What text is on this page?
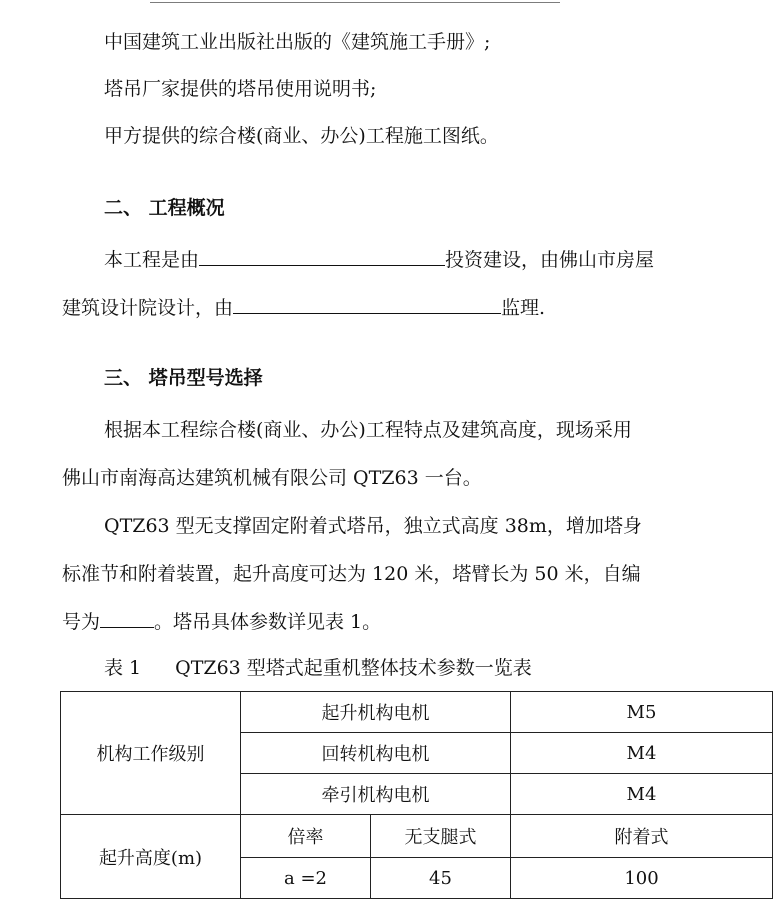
中国建筑工业出版社出版的《建筑施工手册》;
塔吊厂家提供的塔吊使用说明书;
甲方提供的综合楼(商业、办公)工程施工图纸。
二、 工程概况
本工程是由	投资建设，由佛山市房屋
建筑设计院设计，由	监理.
三、 塔吊型号选择
根据本工程综合楼(商业、办公)工程特点及建筑高度，现场采用
佛山市南海高达建筑机械有限公司 QTZ63 一台。
QTZ63 型无支撑固定附着式塔吊，独立式高度 38m，增加塔身
标准节和附着装置，起升高度可达为 120 米，塔臂长为 50 米，自编
号为	。塔吊具体参数详见表 1。
表 1 QTZ63 型塔式起重机整体技术参数一览表
机构工作级别	起升机构电机		M5
	回转机构电机		M4
	牵引机构电机		M4
起升高度(m)	倍率	无支腿式	附着式
	a =2	45	100
